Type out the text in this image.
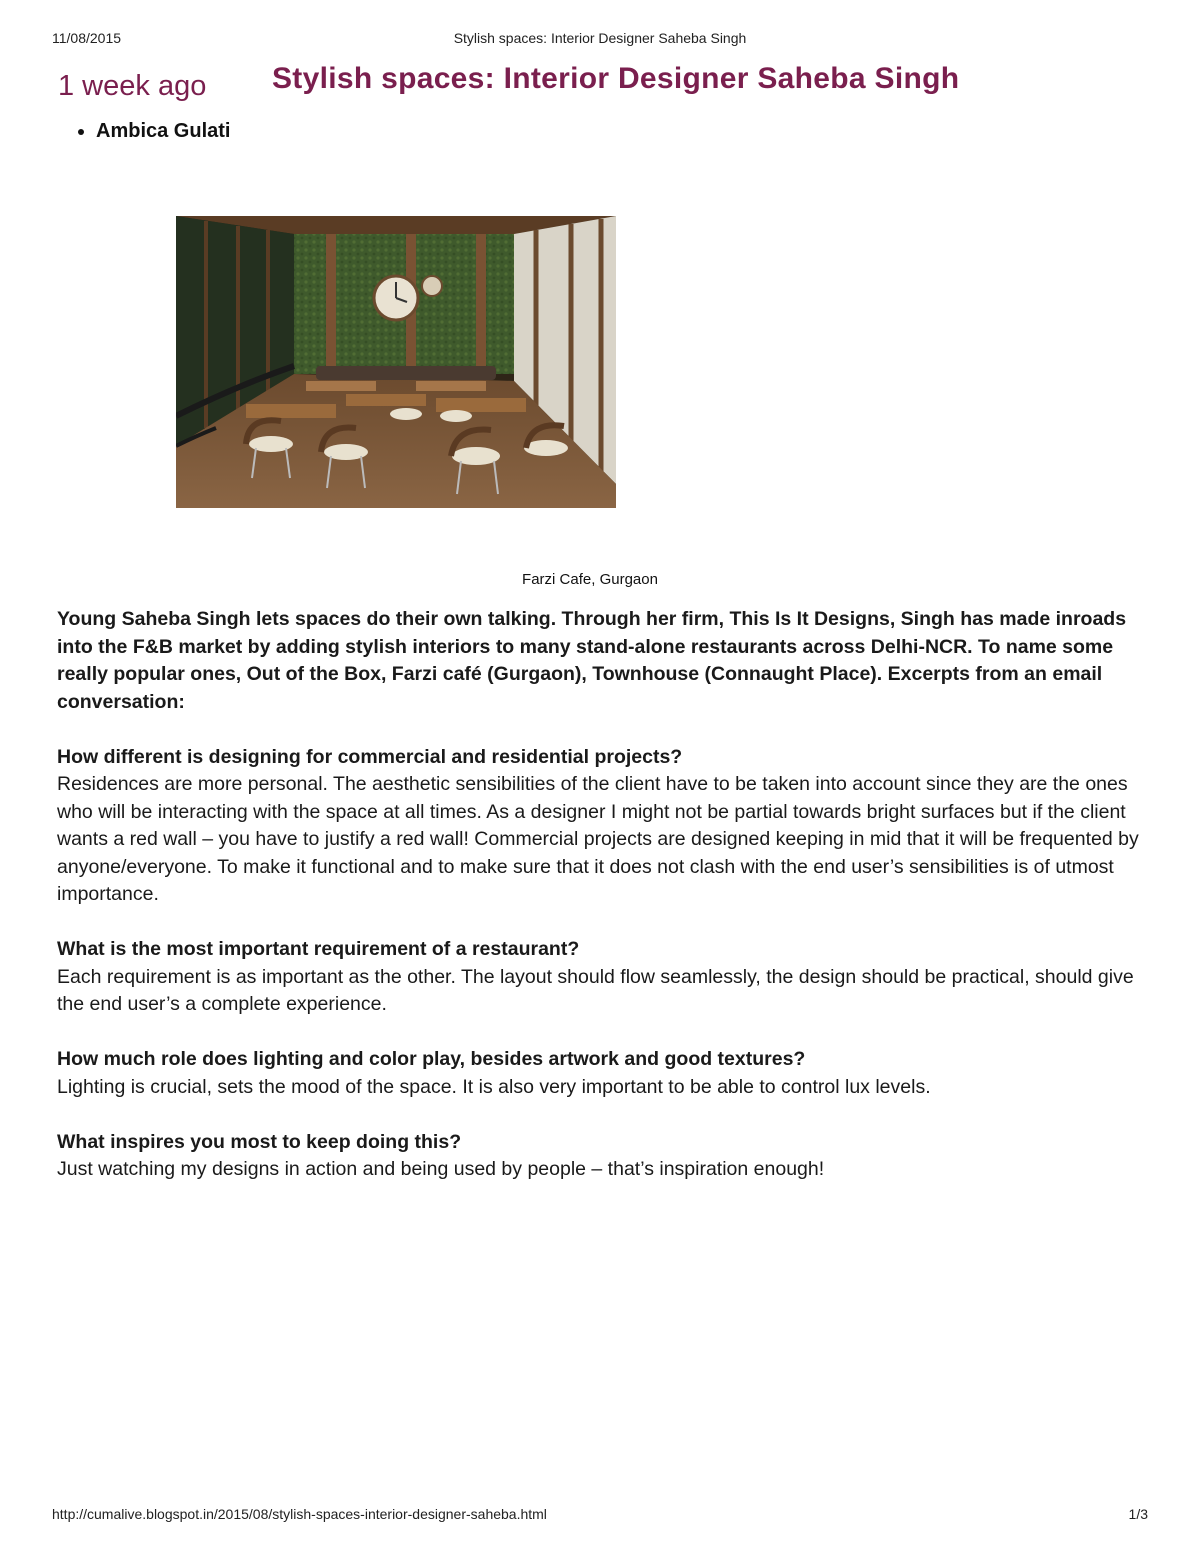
11/08/2015	Stylish spaces: Interior Designer Saheba Singh
1 week ago Stylish spaces: Interior Designer Saheba Singh
• Ambica Gulati
Farzi Cafe, Gurgaon

Young Saheba Singh lets spaces do their own talking. Through her firm, This Is It Designs, Singh has made inroads into the F&B market by adding stylish interiors to many stand-alone restaurants across Delhi-NCR. To name some really popular ones, Out of the Box, Farzi café (Gurgaon), Townhouse (Connaught Place). Excerpts from an email conversation:

How different is designing for commercial and residential projects?
Residences are more personal. The aesthetic sensibilities of the client have to be taken into account since they are the ones who will be interacting with the space at all times. As a designer I might not be partial towards bright surfaces but if the client wants a red wall – you have to justify a red wall! Commercial projects are designed keeping in mid that it will be frequented by anyone/everyone. To make it functional and to make sure that it does not clash with the end user’s sensibilities is of utmost importance.

What is the most important requirement of a restaurant?
Each requirement is as important as the other. The layout should flow seamlessly, the design should be practical, should give the end user’s a complete experience.

How much role does lighting and color play, besides artwork and good textures?
Lighting is crucial, sets the mood of the space. It is also very important to be able to control lux levels.

What inspires you most to keep doing this?
Just watching my designs in action and being used by people – that’s inspiration enough!

http://cumalive.blogspot.in/2015/08/stylish-spaces-interior-designer-saheba.html	1/3
